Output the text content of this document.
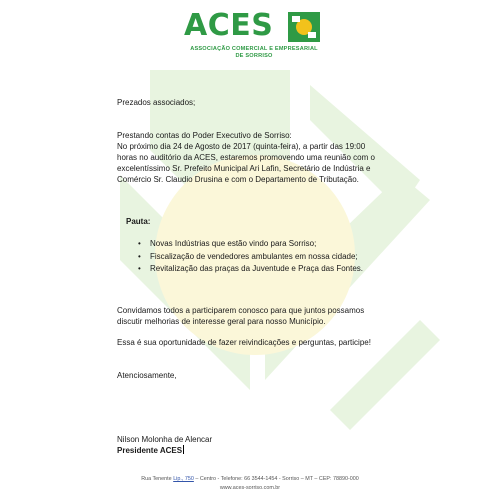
ACES
ASSOCIAÇÃO COMERCIAL E EMPRESARIAL
DE SORRISO
Prezados associados;
Prestando contas do Poder Executivo de Sorriso:
No próximo dia 24 de Agosto de 2017 (quinta-feira), a partir das 19:00
horas no auditório da ACES, estaremos promovendo uma reunião com o
excelentíssimo Sr. Prefeito Municipal Ari Lafin, Secretário de Indústria e
Comércio Sr. Claudio Drusina e com o Departamento de Tributação.
Pauta:
• Novas Indústrias que estão vindo para Sorriso;
• Fiscalização de vendedores ambulantes em nossa cidade;
• Revitalização das praças da Juventude e Praça das Fontes.
Convidamos todos a participarem conosco para que juntos possamos
discutir melhorias de interesse geral para nosso Município.
Essa é sua oportunidade de fazer reivindicações e perguntas, participe!
Atenciosamente,
Nilson Molonha de Alencar
Presidente ACES
Rua Tenente Lip., 750 – Centro - Telefone: 66 3544-1454 - Sorriso – MT – CEP: 78890-000
www.aces-sorriso.com.br
